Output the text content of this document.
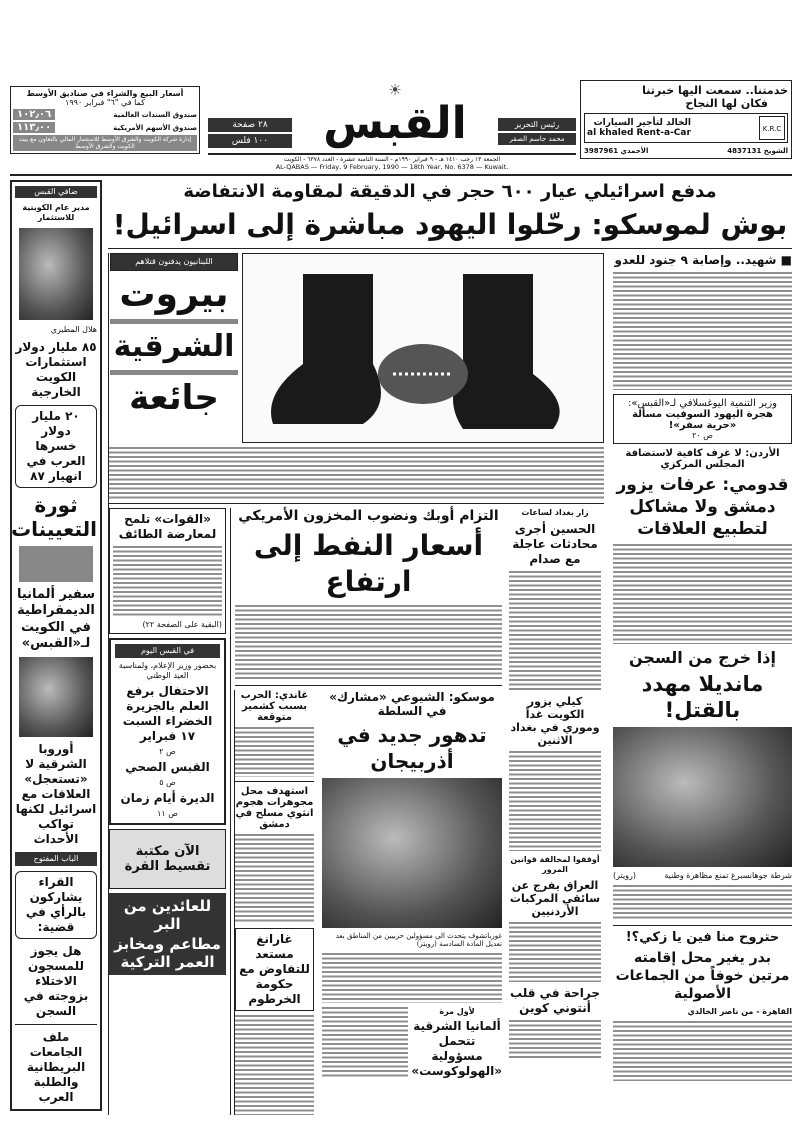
أسعار البيع والشراء في صناديق الأوسط
كما في "٦" فبراير ١٩٩٠
صندوق السندات العالمية
١٠٢٫٠٦
صندوق الأسهم الأمريكية
١١٣٫٠٠
إدارة شركة الكويت والشرق الأوسط للاستثمار المالي بالتعاون مع بيت الكويت والشرق الأوسط
٢٨ صفحة
١٠٠ فلس
☀
القبس	رئيس التحرير
محمد جاسم الصقر
الجمعة ١٣ رجب ١٤١٠ هـ - ٩ فبراير ١٩٩٠م - السنة الثامنة عشرة - العدد ٦٣٧٨ - الكويت
AL-QABAS — Friday, 9 February, 1990 — 18th Year, No. 6378 — Kuwait.
خدمتنا.. سمعت اليها خبرتنا
فكان لها النجاح
K.R.C
الخالد لتأجير السيارات
al khaled Rent-a-Car
الشويخ 4837131
الأحمدي 3987961
ضافي القبس
مدير عام الكويتية للاستثمار
هلال المطيري
٨٥ مليار دولار استثمارات الكويت الخارجية
٢٠ مليار دولار خسرها العرب في انهيار ٨٧
ثورة التعيينات
سفير ألمانيا الديمقراطية في الكويت لـ«القبس»
أوروبا الشرقية لا «تستعجل» العلاقات مع اسرائيل لكنها تواكب الأحداث
الباب المفتوح
القراء يشاركون بالرأي في قضية:
هل يجوز للمسجون الاختلاء بزوجته في السجن
ملف الجامعات البريطانية والطلبة العرب
مدفع اسرائيلي عيار ٦٠٠ حجر في الدقيقة لمقاومة الانتفاضة
بوش لموسكو: رحّلوا اليهود مباشرة إلى اسرائيل!
■ شهيد.. وإصابة ٩ جنود للعدو
وزير التنمية اليوغسلافي لـ«القبس»:
هجرة اليهود السوفيت مسألة «حرية سفر»!
ص ٢٠
الأردن: لا غرف كافية لاستضافة المجلس المركزي
قدومي: عرفات يزور دمشق ولا مشاكل لتطبيع العلاقات
إذا خرج من السجن
مانديلا مهدد بالقتل!
شرطة جوهانسبرغ تمنع مظاهرة وطنية
(رويتر)
حتروح منا فين يا زكي؟!
بدر يغير محل إقامته مرتين خوفاً من الجماعات الأصولية
القاهرة - من ناصر الخالدي
اللبنانيون يدفنون قتلاهم
بيروت
الشرقية
جائعة
زار بغداد لساعات
الحسين أجرى محادثات عاجلة مع صدام
كيلي يزور الكويت غداً وموري في بغداد الاثنين
أوقفوا لمخالفة قوانين المرور
العراق يفرج عن سائقي المركبات الأردنيين
جراحة في قلب أنتوني كوين
التزام أوبك ونضوب المخزون الأمريكي
أسعار النفط إلى ارتفاع
موسكو: الشيوعي «مشارك» في السلطة
تدهور جديد في أذربيجان
غورباتشوف يتحدث الى مسؤولين حزبيين من المناطق بعد تعديل المادة السادسة (رويتر)
لأول مرة
ألمانيا الشرقية تتحمل مسؤولية «الهولوكوست»
غاندي: الحرب بسبب كشمير متوقعة
استهدف محل مجوهرات هجوم انثوي مسلح في دمشق
غارانغ مستعد للتفاوض مع حكومة الخرطوم
«القوات» تلمح لمعارضة الطائف
(البقية على الصفحة ٢٢)
في القبس اليوم
بحضور وزير الإعلام، ولمناسبة العيد الوطني
الاحتفال برفع العلم بالجزيرة الخضراء السبت ١٧ فبراير
ص ٢
القبس الصحي
ص ٥
الديرة أيام زمان
ص ١١
الآن مكتبة تقسيط القرة
للعائدين من البر
مطاعم ومخابز العمر التركية
